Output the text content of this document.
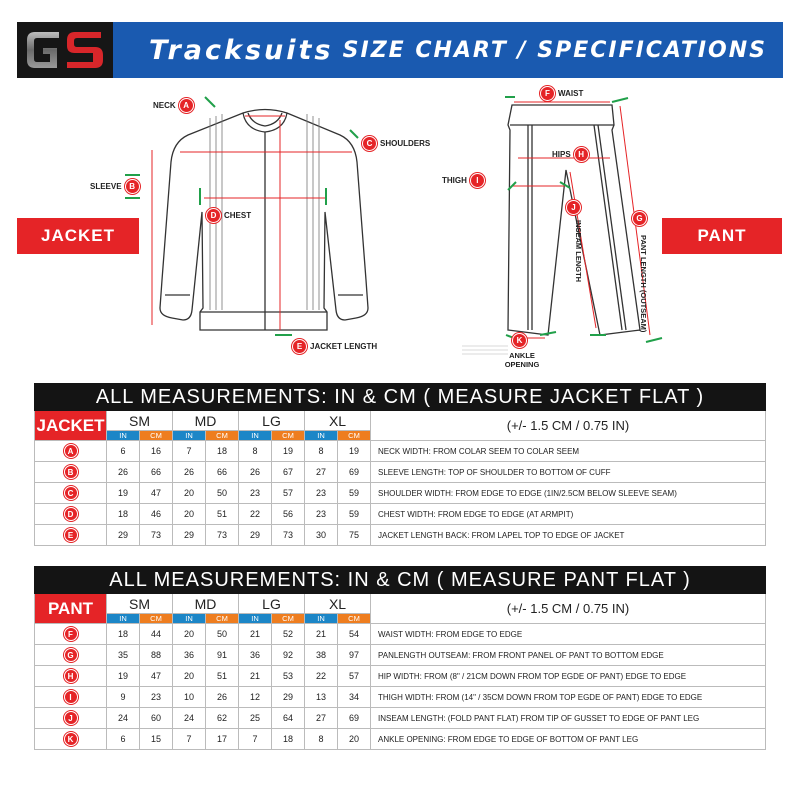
Tracksuits SIZE CHART / SPECIFICATIONS
NECK A
SLEEVE B
C SHOULDERS
D CHEST
E JACKET LENGTH
F	WAIST
HIPS H
THIGH	I
J
INSEAM LENGTH
G
PANT LENGTH (OUTSEAM)
K
ANKLE OPENING
JACKET	PANT
ALL MEASUREMENTS: IN & CM ( MEASURE JACKET FLAT )
JACKET	SM	MD	LG	XL	(+/- 1.5 CM / 0.75 IN)
IN	CM	IN	CM	IN	CM	IN	CM
A	6	16	7	18	8	19	8	19	NECK WIDTH: FROM COLAR SEEM TO COLAR SEEM
B	26	66	26	66	26	67	27	69	SLEEVE LENGTH: TOP OF SHOULDER TO BOTTOM OF CUFF
C	19	47	20	50	23	57	23	59	SHOULDER WIDTH: FROM EDGE TO EDGE (1IN/2.5CM BELOW SLEEVE SEAM)
D	18	46	20	51	22	56	23	59	CHEST WIDTH: FROM EDGE TO EDGE (AT ARMPIT)
E	29	73	29	73	29	73	30	75	JACKET LENGTH BACK: FROM LAPEL TOP TO EDGE OF JACKET
ALL MEASUREMENTS: IN & CM ( MEASURE PANT FLAT )
PANT	SM	MD	LG	XL	(+/- 1.5 CM / 0.75 IN)
IN	CM	IN	CM	IN	CM	IN	CM
F	18	44	20	50	21	52	21	54	WAIST WIDTH: FROM EDGE TO EDGE
G	35	88	36	91	36	92	38	97	PANLENGTH OUTSEAM: FROM FRONT PANEL OF PANT TO BOTTOM EDGE
H	19	47	20	51	21	53	22	57	HIP WIDTH: FROM (8" / 21CM DOWN FROM TOP EGDE OF PANT) EDGE TO EDGE
I	9	23	10	26	12	29	13	34	THIGH WIDTH: FROM (14" / 35CM DOWN FROM TOP EGDE OF PANT) EDGE TO EDGE
J	24	60	24	62	25	64	27	69	INSEAM LENGTH: (FOLD PANT FLAT) FROM TIP OF GUSSET TO EDGE OF PANT LEG
K	6	15	7	17	7	18	8	20	ANKLE OPENING: FROM EDGE TO EDGE OF BOTTOM OF PANT LEG
